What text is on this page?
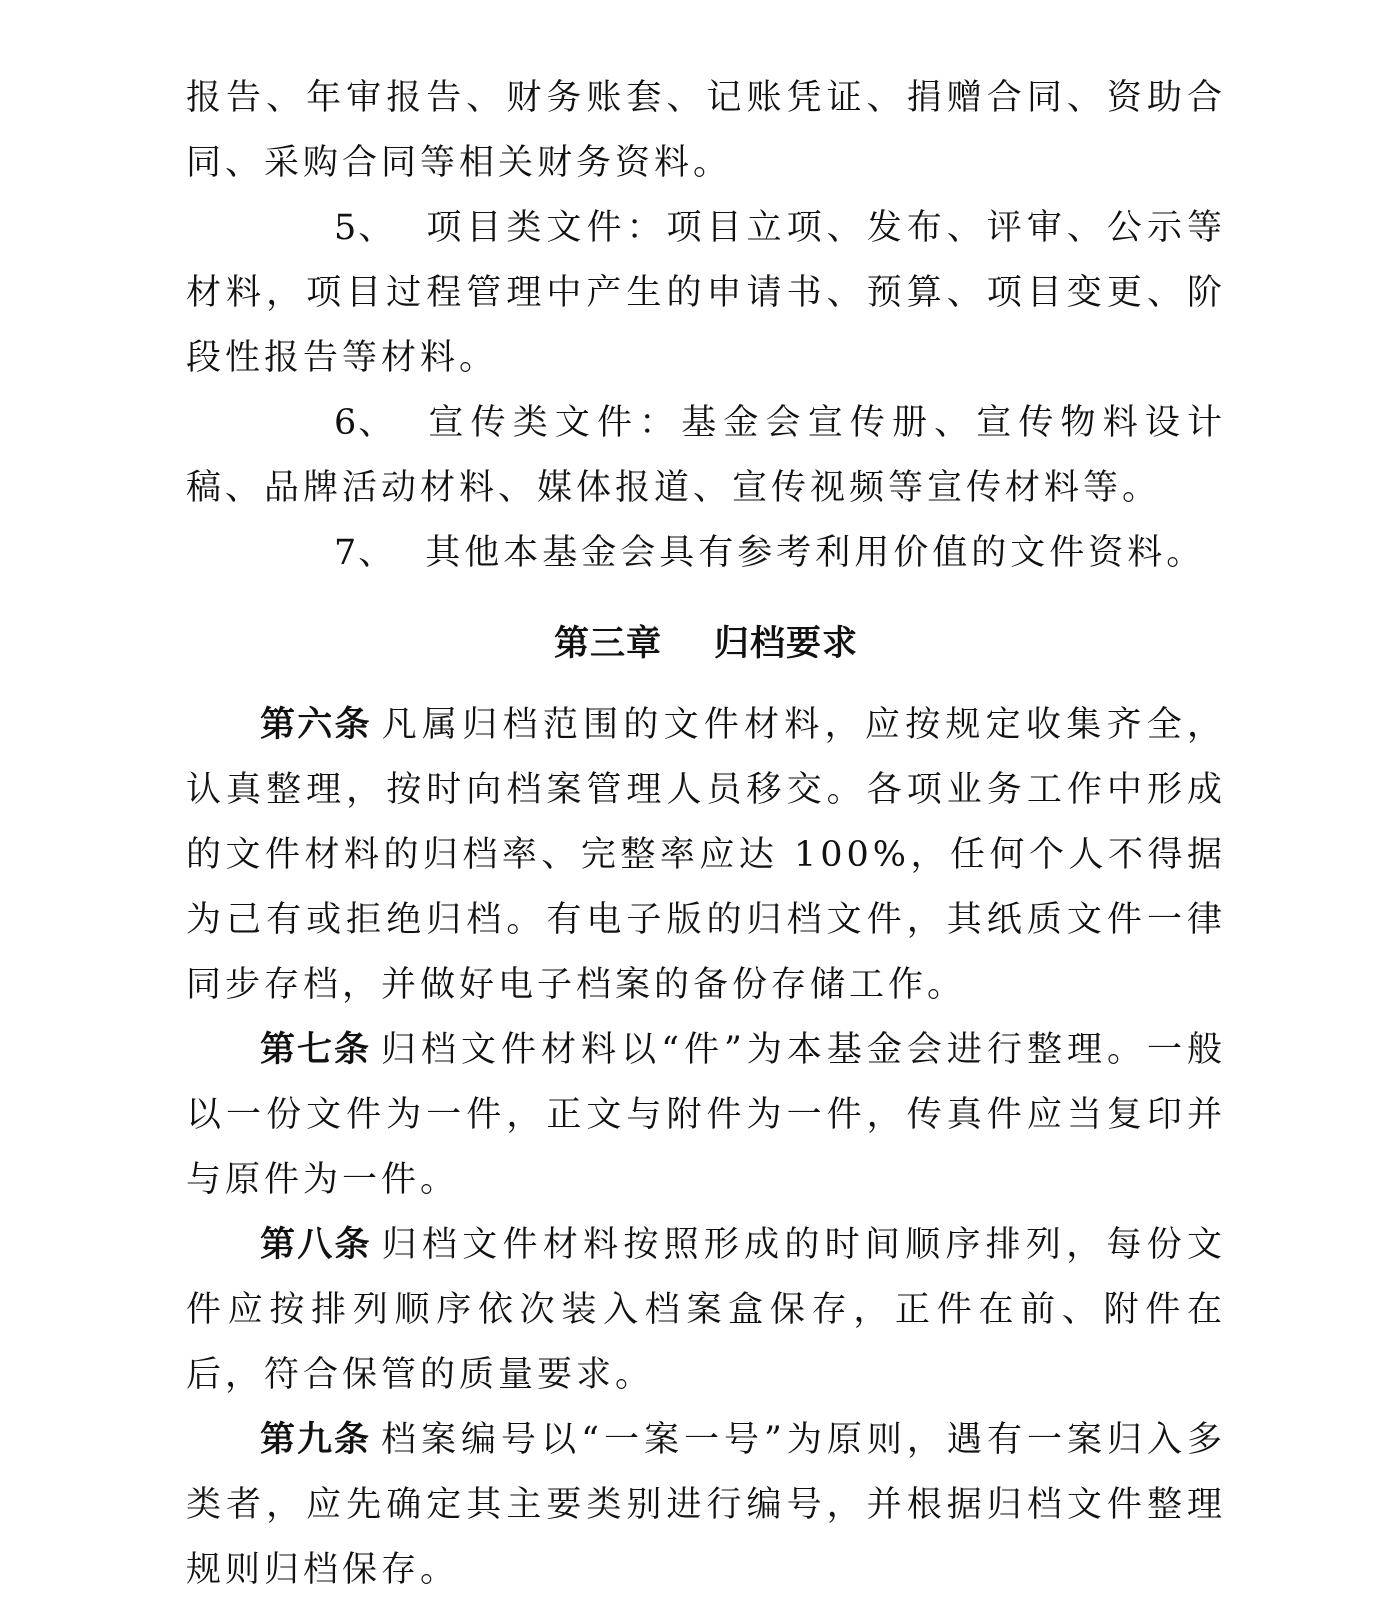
报告、年审报告、财务账套、记账凭证、捐赠合同、资助合同、采购合同等相关财务资料。

5、 项目类文件：项目立项、发布、评审、公示等材料，项目过程管理中产生的申请书、预算、项目变更、阶段性报告等材料。

6、 宣传类文件：基金会宣传册、宣传物料设计稿、品牌活动材料、媒体报道、宣传视频等宣传材料等。

7、 其他本基金会具有参考利用价值的文件资料。

第三章 归档要求

第六条 凡属归档范围的文件材料，应按规定收集齐全，认真整理，按时向档案管理人员移交。各项业务工作中形成的文件材料的归档率、完整率应达 100%，任何个人不得据为己有或拒绝归档。有电子版的归档文件，其纸质文件一律同步存档，并做好电子档案的备份存储工作。

第七条 归档文件材料以“件”为本基金会进行整理。一般以一份文件为一件，正文与附件为一件，传真件应当复印并与原件为一件。

第八条 归档文件材料按照形成的时间顺序排列，每份文件应按排列顺序依次装入档案盒保存，正件在前、附件在后，符合保管的质量要求。

第九条 档案编号以“一案一号”为原则，遇有一案归入多类者，应先确定其主要类别进行编号，并根据归档文件整理规则归档保存。
